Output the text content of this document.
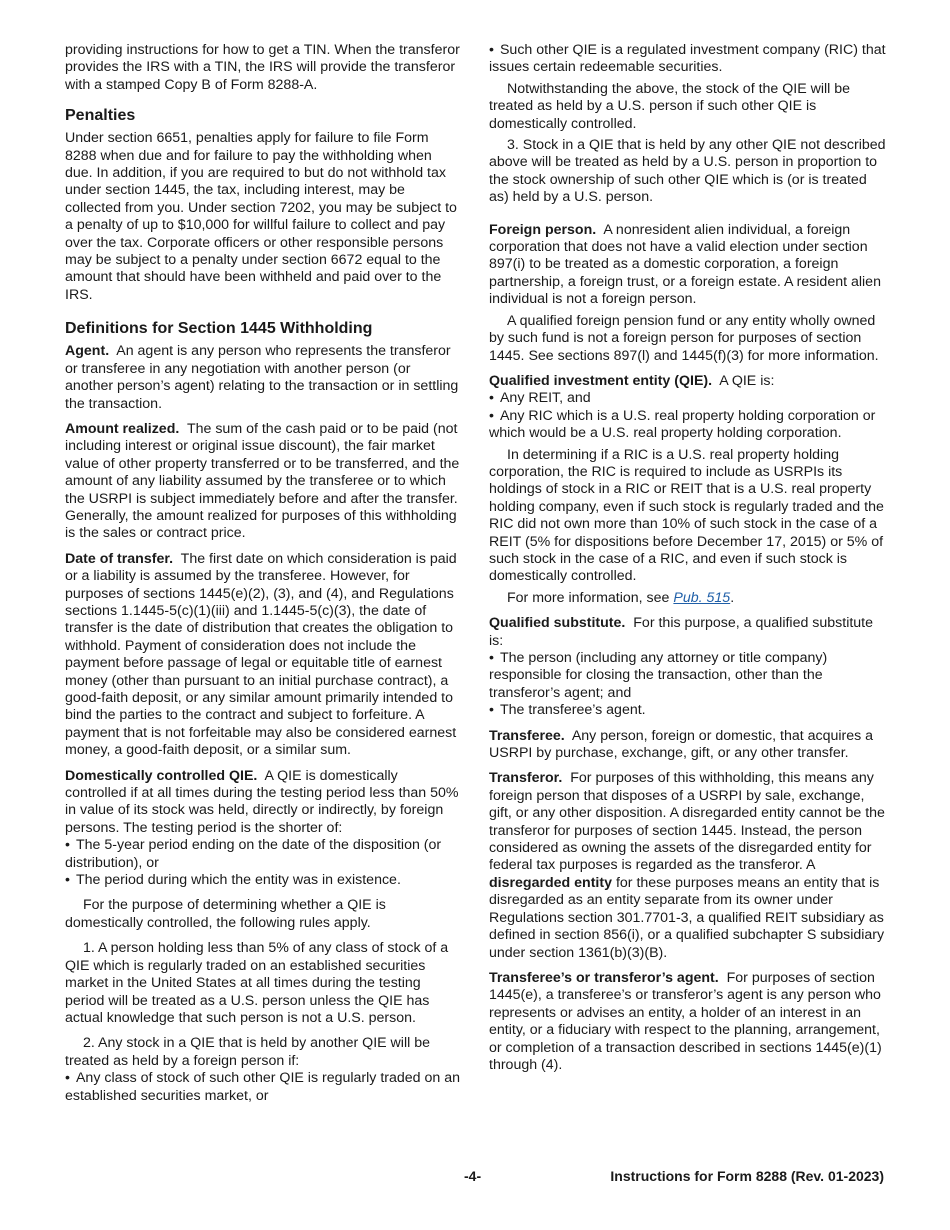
providing instructions for how to get a TIN. When the transferor provides the IRS with a TIN, the IRS will provide the transferor with a stamped Copy B of Form 8288-A.

Penalties

Under section 6651, penalties apply for failure to file Form 8288 when due and for failure to pay the withholding when due. In addition, if you are required to but do not withhold tax under section 1445, the tax, including interest, may be collected from you. Under section 7202, you may be subject to a penalty of up to $10,000 for willful failure to collect and pay over the tax. Corporate officers or other responsible persons may be subject to a penalty under section 6672 equal to the amount that should have been withheld and paid over to the IRS.

Definitions for Section 1445 Withholding

Agent. An agent is any person who represents the transferor or transferee in any negotiation with another person (or another person’s agent) relating to the transaction or in settling the transaction.

Amount realized. The sum of the cash paid or to be paid (not including interest or original issue discount), the fair market value of other property transferred or to be transferred, and the amount of any liability assumed by the transferee or to which the USRPI is subject immediately before and after the transfer. Generally, the amount realized for purposes of this withholding is the sales or contract price.

Date of transfer. The first date on which consideration is paid or a liability is assumed by the transferee. However, for purposes of sections 1445(e)(2), (3), and (4), and Regulations sections 1.1445-5(c)(1)(iii) and 1.1445-5(c)(3), the date of transfer is the date of distribution that creates the obligation to withhold. Payment of consideration does not include the payment before passage of legal or equitable title of earnest money (other than pursuant to an initial purchase contract), a good-faith deposit, or any similar amount primarily intended to bind the parties to the contract and subject to forfeiture. A payment that is not forfeitable may also be considered earnest money, a good-faith deposit, or a similar sum.

Domestically controlled QIE. A QIE is domestically controlled if at all times during the testing period less than 50% in value of its stock was held, directly or indirectly, by foreign persons. The testing period is the shorter of:

• The 5-year period ending on the date of the disposition (or distribution), or

• The period during which the entity was in existence.

For the purpose of determining whether a QIE is domestically controlled, the following rules apply.

1. A person holding less than 5% of any class of stock of a QIE which is regularly traded on an established securities market in the United States at all times during the testing period will be treated as a U.S. person unless the QIE has actual knowledge that such person is not a U.S. person.

2. Any stock in a QIE that is held by another QIE will be treated as held by a foreign person if:

• Any class of stock of such other QIE is regularly traded on an established securities market, or

• Such other QIE is a regulated investment company (RIC) that issues certain redeemable securities.

Notwithstanding the above, the stock of the QIE will be treated as held by a U.S. person if such other QIE is domestically controlled.

3. Stock in a QIE that is held by any other QIE not described above will be treated as held by a U.S. person in proportion to the stock ownership of such other QIE which is (or is treated as) held by a U.S. person.

Foreign person. A nonresident alien individual, a foreign corporation that does not have a valid election under section 897(i) to be treated as a domestic corporation, a foreign partnership, a foreign trust, or a foreign estate. A resident alien individual is not a foreign person.

A qualified foreign pension fund or any entity wholly owned by such fund is not a foreign person for purposes of section 1445. See sections 897(l) and 1445(f)(3) for more information.

Qualified investment entity (QIE). A QIE is:

• Any REIT, and

• Any RIC which is a U.S. real property holding corporation or which would be a U.S. real property holding corporation.

In determining if a RIC is a U.S. real property holding corporation, the RIC is required to include as USRPIs its holdings of stock in a RIC or REIT that is a U.S. real property holding company, even if such stock is regularly traded and the RIC did not own more than 10% of such stock in the case of a REIT (5% for dispositions before December 17, 2015) or 5% of such stock in the case of a RIC, and even if such stock is domestically controlled.

For more information, see Pub. 515.

Qualified substitute. For this purpose, a qualified substitute is:

• The person (including any attorney or title company) responsible for closing the transaction, other than the transferor’s agent; and

• The transferee’s agent.

Transferee. Any person, foreign or domestic, that acquires a USRPI by purchase, exchange, gift, or any other transfer.

Transferor. For purposes of this withholding, this means any foreign person that disposes of a USRPI by sale, exchange, gift, or any other disposition. A disregarded entity cannot be the transferor for purposes of section 1445. Instead, the person considered as owning the assets of the disregarded entity for federal tax purposes is regarded as the transferor. A disregarded entity for these purposes means an entity that is disregarded as an entity separate from its owner under Regulations section 301.7701-3, a qualified REIT subsidiary as defined in section 856(i), or a qualified subchapter S subsidiary under section 1361(b)(3)(B).

Transferee’s or transferor’s agent. For purposes of section 1445(e), a transferee’s or transferor’s agent is any person who represents or advises an entity, a holder of an interest in an entity, or a fiduciary with respect to the planning, arrangement, or completion of a transaction described in sections 1445(e)(1) through (4).

-4-	Instructions for Form 8288 (Rev. 01-2023)
